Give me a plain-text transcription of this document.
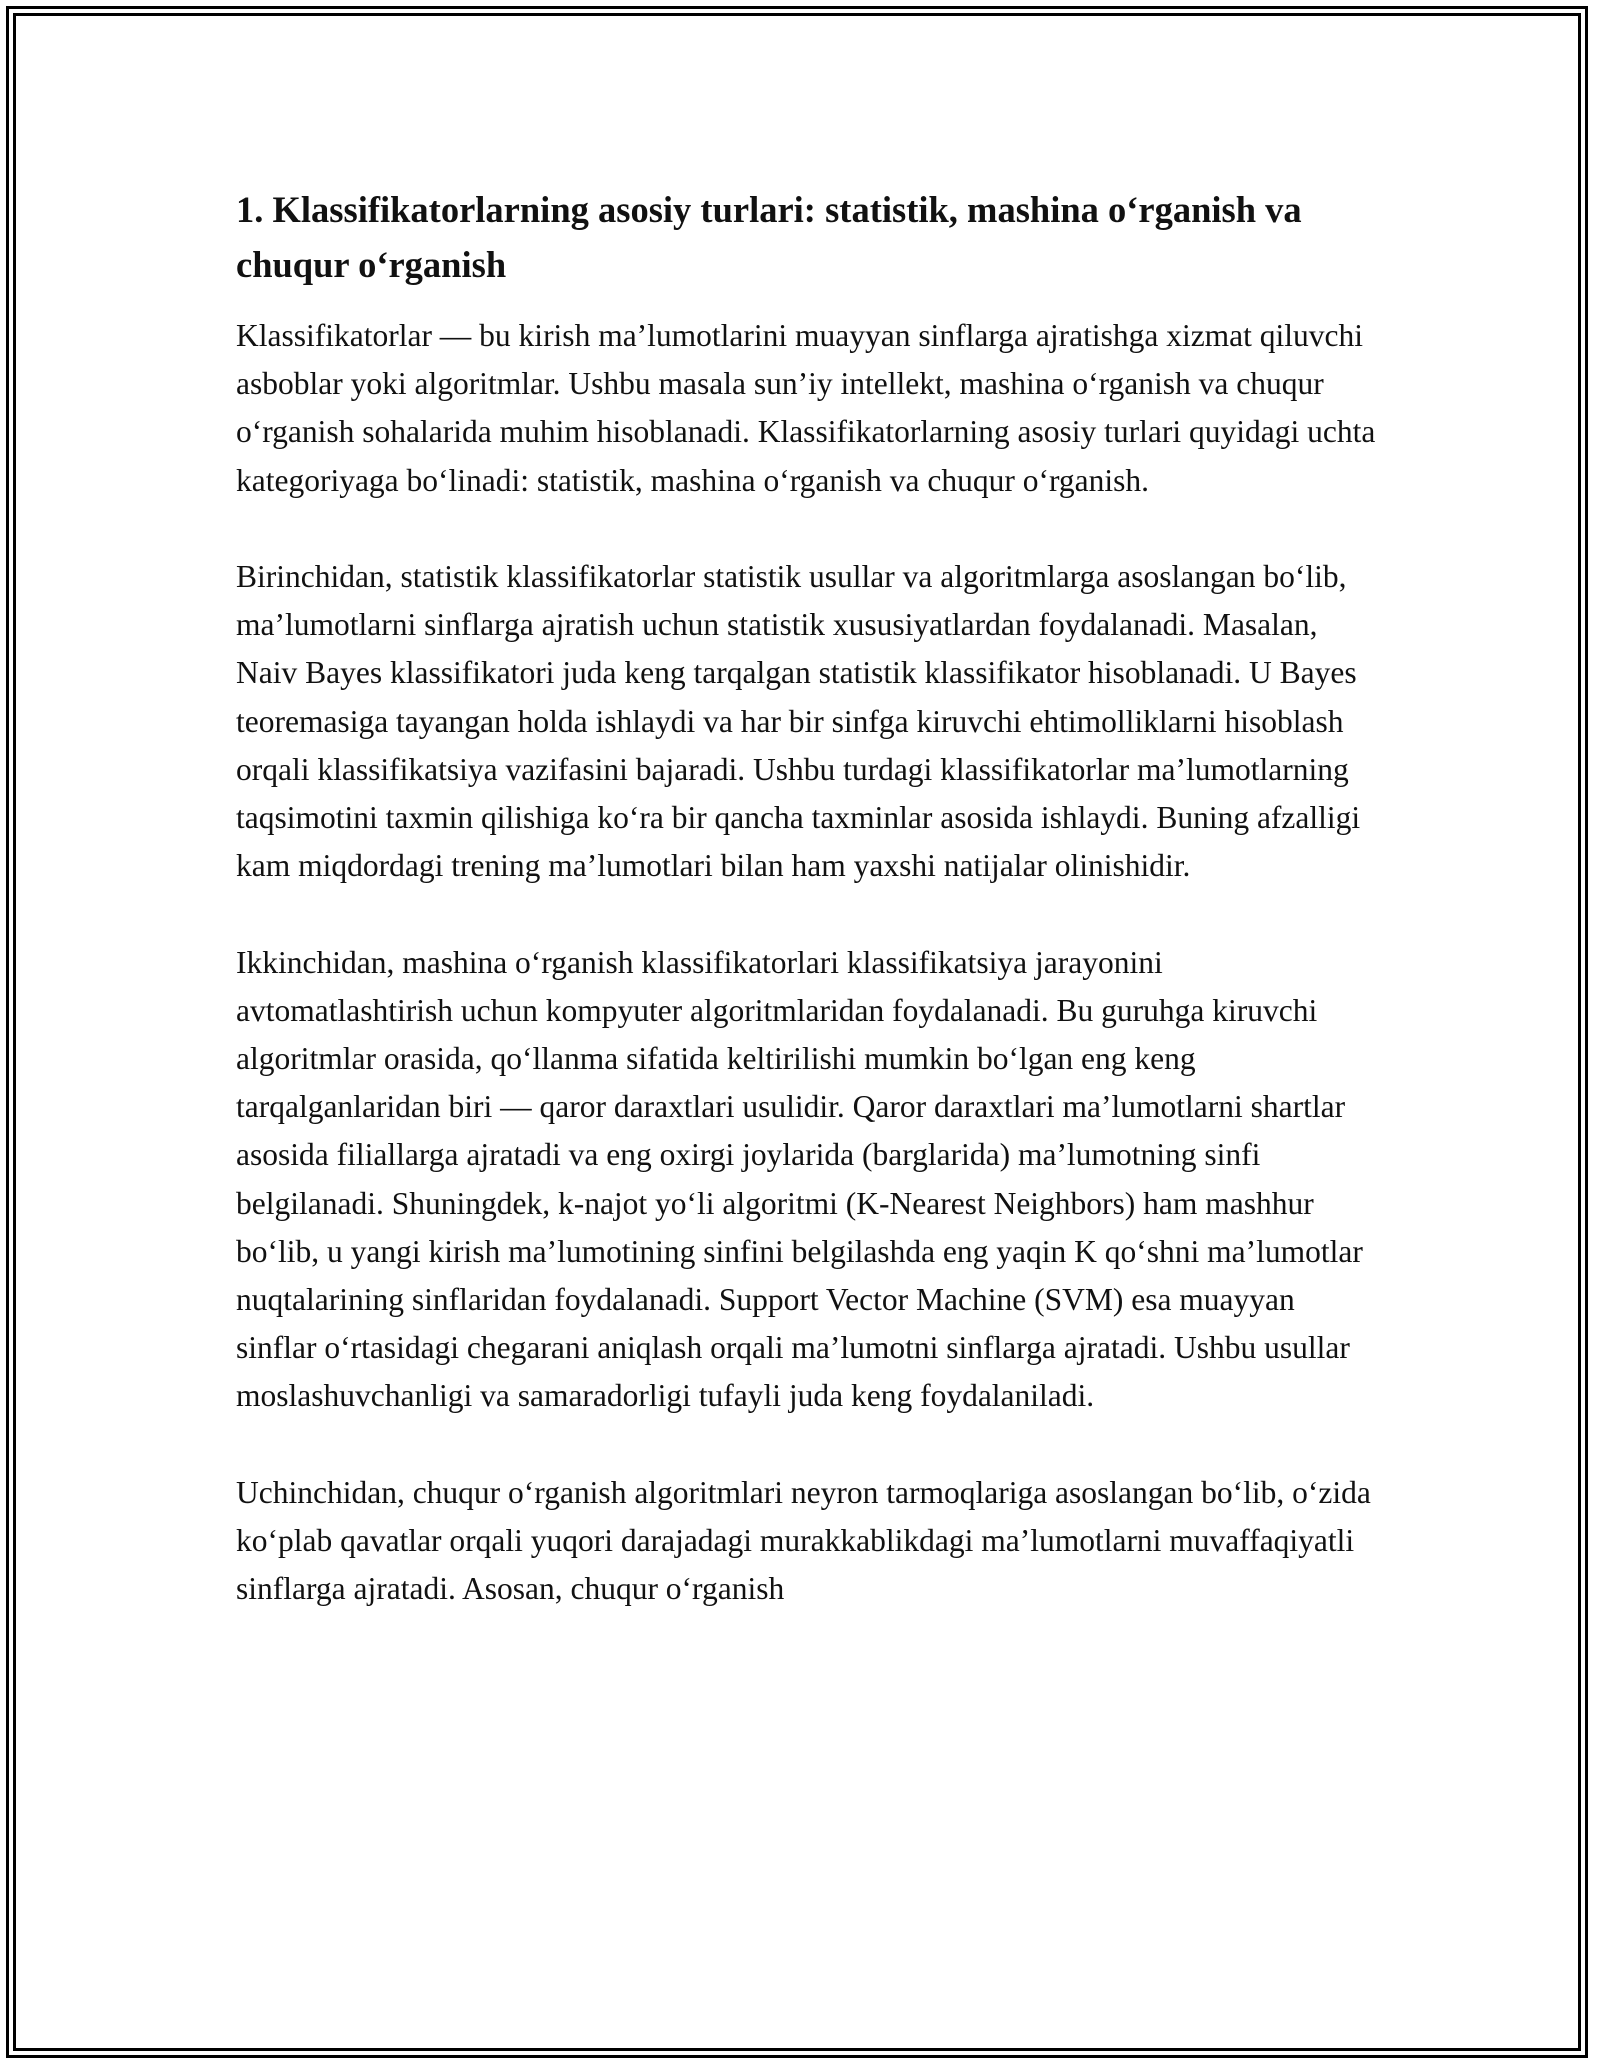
1. Klassifikatorlarning asosiy turlari: statistik, mashina o‘rganish va chuqur o‘rganish

Klassifikatorlar — bu kirish ma’lumotlarini muayyan sinflarga ajratishga xizmat qiluvchi asboblar yoki algoritmlar. Ushbu masala sun’iy intellekt, mashina o‘rganish va chuqur o‘rganish sohalarida muhim hisoblanadi. Klassifikatorlarning asosiy turlari quyidagi uchta kategoriyaga bo‘linadi: statistik, mashina o‘rganish va chuqur o‘rganish.

Birinchidan, statistik klassifikatorlar statistik usullar va algoritmlarga asoslangan bo‘lib, ma’lumotlarni sinflarga ajratish uchun statistik xususiyatlardan foydalanadi. Masalan, Naiv Bayes klassifikatori juda keng tarqalgan statistik klassifikator hisoblanadi. U Bayes teoremasiga tayangan holda ishlaydi va har bir sinfga kiruvchi ehtimolliklarni hisoblash orqali klassifikatsiya vazifasini bajaradi. Ushbu turdagi klassifikatorlar ma’lumotlarning taqsimotini taxmin qilishiga ko‘ra bir qancha taxminlar asosida ishlaydi. Buning afzalligi kam miqdordagi trening ma’lumotlari bilan ham yaxshi natijalar olinishidir.

Ikkinchidan, mashina o‘rganish klassifikatorlari klassifikatsiya jarayonini avtomatlashtirish uchun kompyuter algoritmlaridan foydalanadi. Bu guruhga kiruvchi algoritmlar orasida, qo‘llanma sifatida keltirilishi mumkin bo‘lgan eng keng tarqalganlaridan biri — qaror daraxtlari usulidir. Qaror daraxtlari ma’lumotlarni shartlar asosida filiallarga ajratadi va eng oxirgi joylarida (barglarida) ma’lumotning sinfi belgilanadi. Shuningdek, k-najot yo‘li algoritmi (K-Nearest Neighbors) ham mashhur bo‘lib, u yangi kirish ma’lumotining sinfini belgilashda eng yaqin K qo‘shni ma’lumotlar nuqtalarining sinflaridan foydalanadi. Support Vector Machine (SVM) esa muayyan sinflar o‘rtasidagi chegarani aniqlash orqali ma’lumotni sinflarga ajratadi. Ushbu usullar moslashuvchanligi va samaradorligi tufayli juda keng foydalaniladi.

Uchinchidan, chuqur o‘rganish algoritmlari neyron tarmoqlariga asoslangan bo‘lib, o‘zida ko‘plab qavatlar orqali yuqori darajadagi murakkablikdagi ma’lumotlarni muvaffaqiyatli sinflarga ajratadi. Asosan, chuqur o‘rganish
